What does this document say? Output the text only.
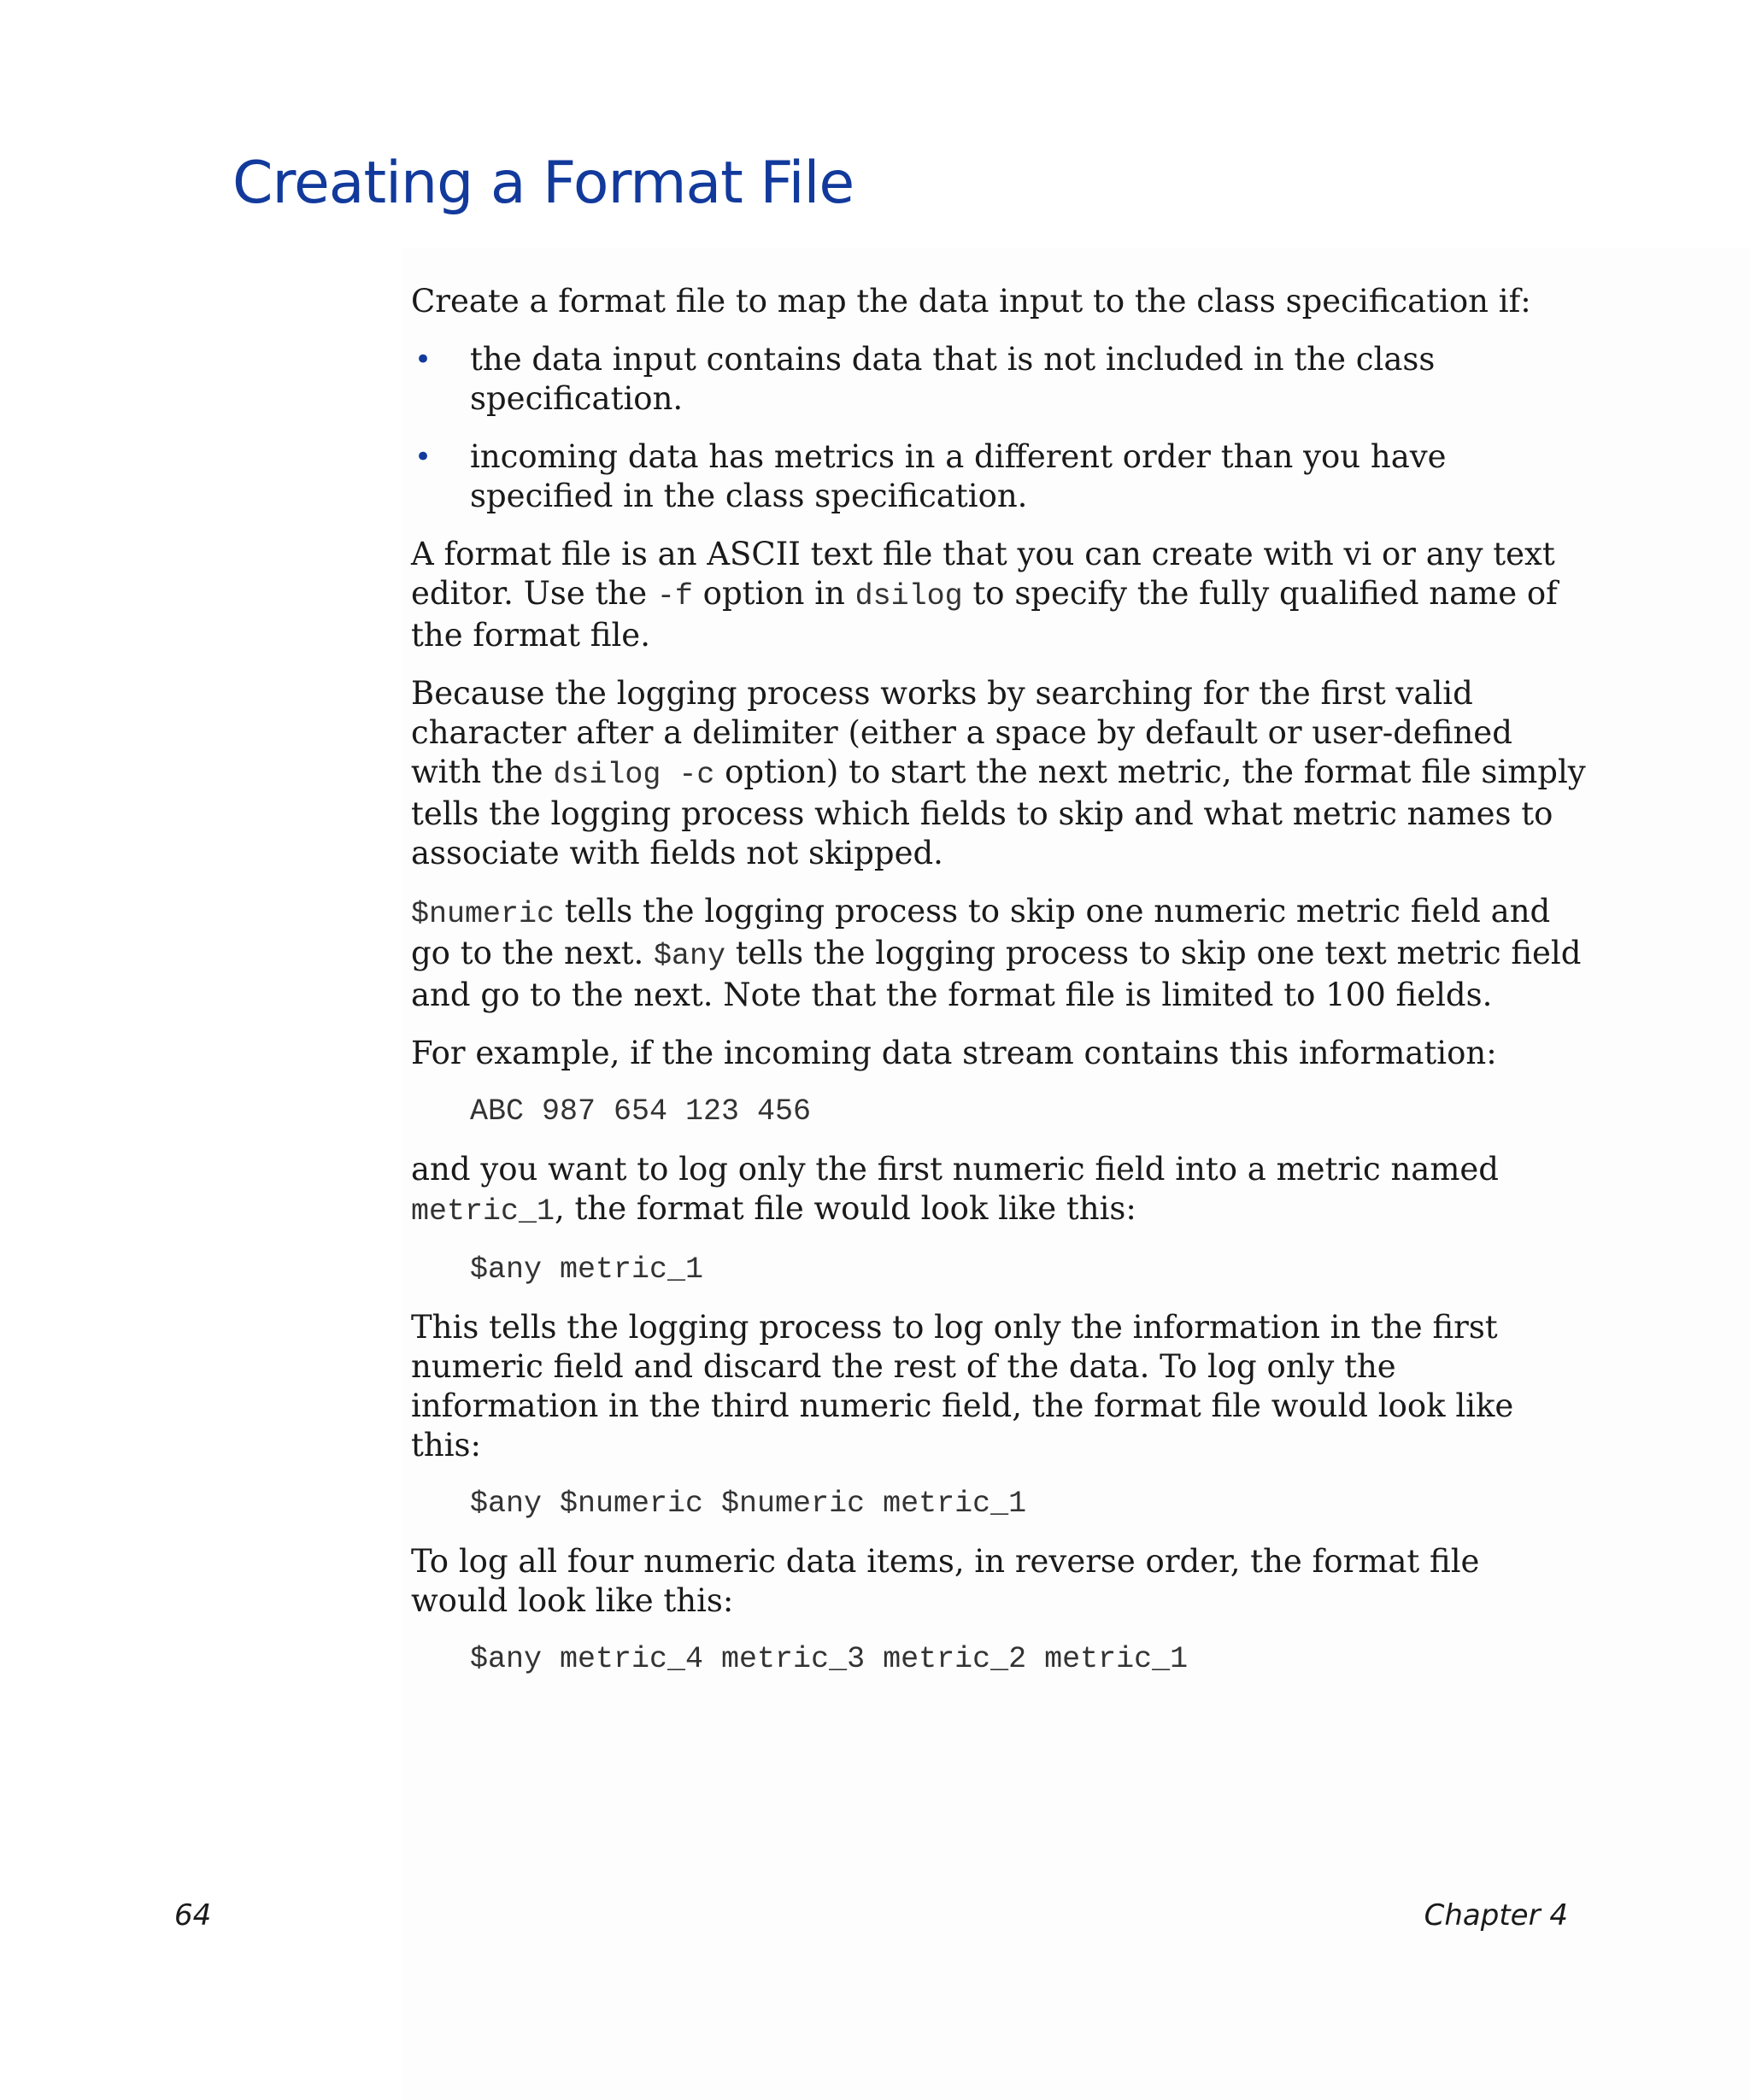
Creating a Format File

Create a format file to map the data input to the class specification if:

• the data input contains data that is not included in the class specification.
• incoming data has metrics in a different order than you have specified in the class specification.

A format file is an ASCII text file that you can create with vi or any text editor. Use the -f option in dsilog to specify the fully qualified name of the format file.

Because the logging process works by searching for the first valid character after a delimiter (either a space by default or user-defined with the dsilog -c option) to start the next metric, the format file simply tells the logging process which fields to skip and what metric names to associate with fields not skipped.

$numeric tells the logging process to skip one numeric metric field and go to the next. $any tells the logging process to skip one text metric field and go to the next. Note that the format file is limited to 100 fields.

For example, if the incoming data stream contains this information:

ABC 987 654 123 456

and you want to log only the first numeric field into a metric named metric_1, the format file would look like this:

$any metric_1

This tells the logging process to log only the information in the first numeric field and discard the rest of the data. To log only the information in the third numeric field, the format file would look like this:

$any $numeric $numeric metric_1

To log all four numeric data items, in reverse order, the format file would look like this:

$any metric_4 metric_3 metric_2 metric_1
64	Chapter 4
